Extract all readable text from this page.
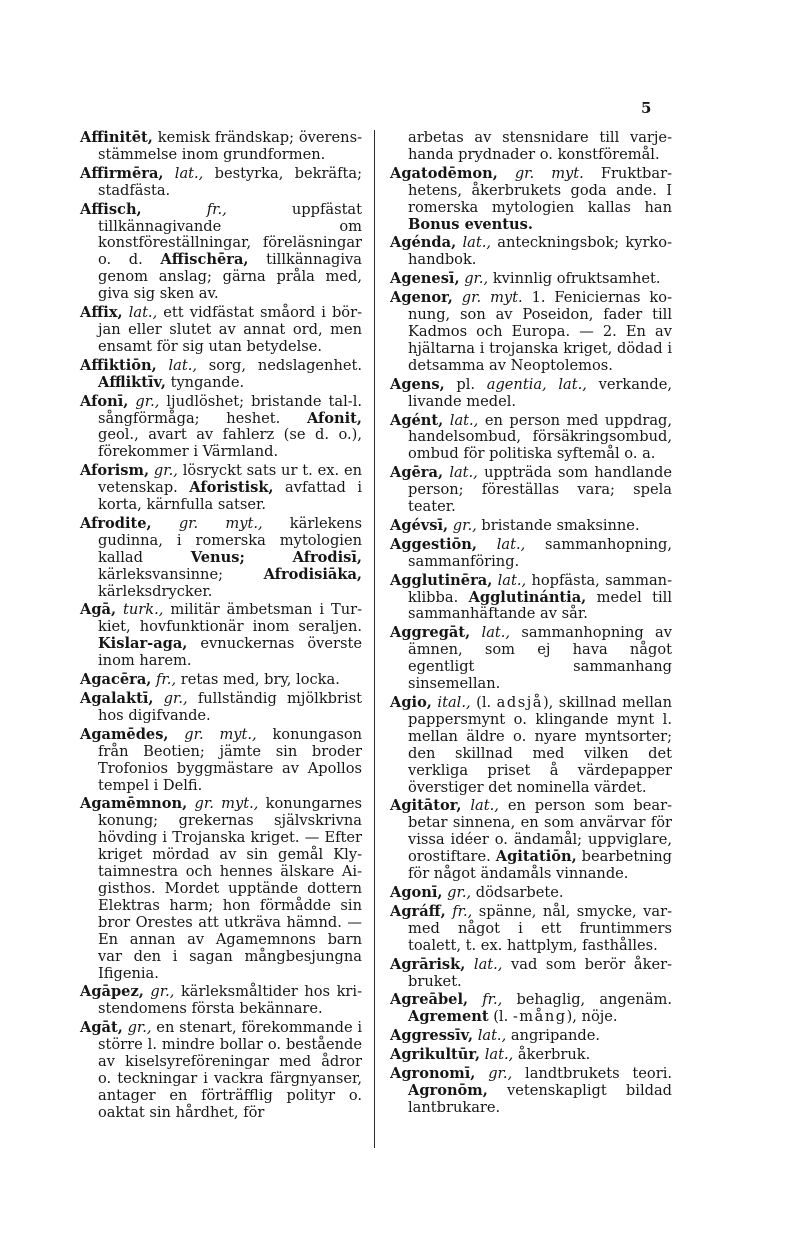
5

Affinitēt, kemisk frändskap; överensstämmelse inom grundformen.

Affirmēra, lat., bestyrka, bekräfta; stadfästa.

Affisch,	fr., uppfästat tillkännagivande om konstföreställningar, föreläsningar o. d. Affischēra, tillkännagiva genom anslag; gärna pråla med, giva sig sken av.

Affix, lat., ett vidfästat småord i början eller slutet av annat ord, men ensamt för sig utan betydelse.

Affiktiōn, lat., sorg, nedslagenhet. Affliktīv, tyngande.

Afonī, gr., ljudlöshet; bristande tal-l. sångförmåga; heshet. Afonit, geol., avart av fahlerz (se d. o.), förekommer i Värmland.

Aforism, gr., lösryckt sats ur t. ex. en vetenskap. Aforistisk, avfattad i korta, kärnfulla satser.

Afrodite, gr. myt., kärlekens gudinna, i romerska mytologien kallad Venus;	Afrodisī, kärleksvansinne; Afrodisiāka, kärleksdrycker.

Agā, turk., militär ämbetsman i Turkiet, hovfunktionär inom seraljen. Kislar-aga, evnuckernas överste inom harem.

Agacēra, fr., retas med, bry, locka.

Agalaktī, gr., fullständig mjölkbrist hos digifvande.

Agamēdes, gr. myt., konungason från Beotien; jämte sin broder Trofonios byggmästare av Apollos tempel i Delfi.

Agamēmnon, gr. myt., konungarnes konung; grekernas självskrivna hövding i Trojanska kriget. — Efter kriget mördad av sin gemål Klytaimnestra och hennes älskare Aigisthos. Mordet upptände dottern Elektras harm; hon förmådde sin bror Orestes att utkräva hämnd. — En annan av Agamemnons barn var den i sagan mångbesjungna Ifigenia.

Agāpez, gr., kärleksmåltider hos kristendomens första bekännare.

Agāt, gr., en stenart, förekommande i större l. mindre bollar o. bestående av kiselsyreföreningar med ådror o. teckningar i vackra färgnyanser, antager en förträfflig polityr o. oaktat sin hårdhet, för

arbetas av stensnidare till varjehanda prydnader o. konstföremål.

Agatodēmon, gr. myt. Fruktbarhetens, åkerbrukets goda ande. I romerska mytologien kallas han Bonus eventus.

Agénda, lat., anteckningsbok; kyrkohandbok.

Agenesī, gr., kvinnlig ofruktsamhet.

Agenor, gr. myt. 1. Feniciernas konung, son av Poseidon, fader till Kadmos och Europa. — 2. En av hjältarna i trojanska kriget, dödad i detsamma av Neoptolemos.

Agens, pl. agentia, lat., verkande, livande medel.

Agént, lat., en person med uppdrag, handelsombud, försäkringsombud, ombud för politiska syftemål o. a.

Agēra, lat., uppträda som handlande person; föreställas vara; spela teater.

Agévsī, gr., bristande smaksinne.

Aggestiōn, lat., sammanhopning, sammanföring.

Agglutinēra, lat., hopfästa, sammanklibba. Agglutinántia, medel till sammanhäftande av sår.

Aggregāt, lat., sammanhopning av ämnen, som ej hava något egentligt sammanhang sinsemellan.

Agio, ital., (l. adsjå), skillnad mellan pappersmynt o. klingande mynt l. mellan äldre o. nyare myntsorter; den skillnad med vilken det verkliga priset å värdepapper överstiger det nominella värdet.

Agitātor, lat., en person som bearbetar sinnena, en som anvärvar för vissa idéer o. ändamål; uppviglare, orostiftare. Agitatiōn, bearbetning för något ändamåls vinnande.

Agonī, gr., dödsarbete.

Agráff, fr., spänne, nål, smycke, varmed något i ett fruntimmers toalett, t. ex. hattplym, fasthålles.

Agrārisk, lat., vad som berör åkerbruket.

Agreābel, fr., behaglig, angenäm. Agrement (l. -mång), nöje.

Aggressīv, lat., angripande.

Agrikultūr, lat., åkerbruk.

Agronomī, gr., landtbrukets teori. Agronōm, vetenskapligt bildad lantbrukare.
